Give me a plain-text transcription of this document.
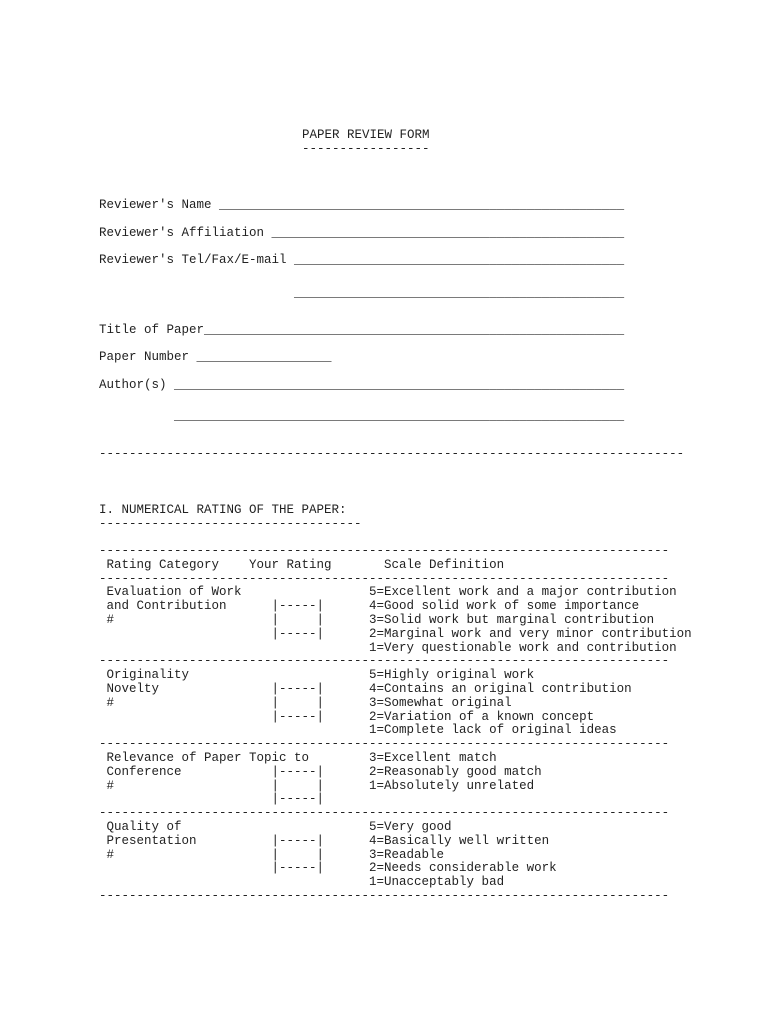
PAPER REVIEW FORM
-----------------
Reviewer's Name ______________________________________________________
Reviewer's Affiliation _______________________________________________
Reviewer's Tel/Fax/E-mail ____________________________________________
____________________________________________
Title of Paper________________________________________________________
Paper Number __________________
Author(s) ____________________________________________________________
____________________________________________________________
------------------------------------------------------------------------------
I. NUMERICAL RATING OF THE PAPER:
-----------------------------------
----------------------------------------------------------------------------
Rating Category    Your Rating       Scale Definition
----------------------------------------------------------------------------
Evaluation of Work                 5=Excellent work and a major contribution
and Contribution      |-----|      4=Good solid work of some importance
#                     |     |      3=Solid work but marginal contribution
|-----|      2=Marginal work and very minor contribution
1=Very questionable work and contribution
----------------------------------------------------------------------------
Originality                        5=Highly original work
Novelty               |-----|      4=Contains an original contribution
#                     |     |      3=Somewhat original
|-----|      2=Variation of a known concept
1=Complete lack of original ideas
----------------------------------------------------------------------------
Relevance of Paper Topic to        3=Excellent match
Conference            |-----|      2=Reasonably good match
#                     |     |      1=Absolutely unrelated
|-----|
----------------------------------------------------------------------------
Quality of                         5=Very good
Presentation          |-----|      4=Basically well written
#                     |     |      3=Readable
|-----|      2=Needs considerable work
1=Unacceptably bad
----------------------------------------------------------------------------
